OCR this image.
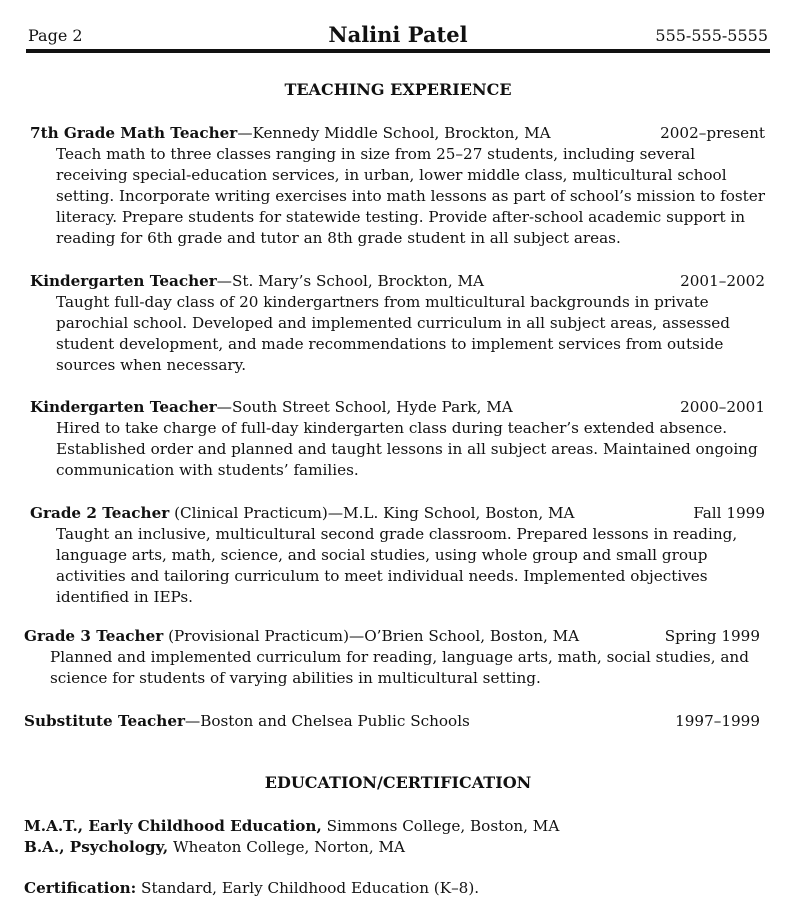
Page 2	Nalini Patel	555-555-5555
TEACHING EXPERIENCE
7th Grade Math Teacher—Kennedy Middle School, Brockton, MA	2002–present
Teach math to three classes ranging in size from 25–27 students, including several receiving special-education services, in urban, lower middle class, multicultural school setting. Incorporate writing exercises into math lessons as part of school’s mission to foster literacy. Prepare students for statewide testing. Provide after-school academic support in reading for 6th grade and tutor an 8th grade student in all subject areas.
Kindergarten Teacher—St. Mary’s School, Brockton, MA	2001–2002
Taught full-day class of 20 kindergartners from multicultural backgrounds in private parochial school. Developed and implemented curriculum in all subject areas, assessed student development, and made recommendations to implement services from outside sources when necessary.
Kindergarten Teacher—South Street School, Hyde Park, MA	2000–2001
Hired to take charge of full-day kindergarten class during teacher’s extended absence. Established order and planned and taught lessons in all subject areas. Maintained ongoing communication with students’ families.
Grade 2 Teacher (Clinical Practicum)—M.L. King School, Boston, MA	Fall 1999
Taught an inclusive, multicultural second grade classroom. Prepared lessons in reading, language arts, math, science, and social studies, using whole group and small group activities and tailoring curriculum to meet individual needs. Implemented objectives identified in IEPs.
Grade 3 Teacher (Provisional Practicum)—O’Brien School, Boston, MA	Spring 1999
Planned and implemented curriculum for reading, language arts, math, social studies, and science for students of varying abilities in multicultural setting.
Substitute Teacher—Boston and Chelsea Public Schools	1997–1999
EDUCATION/CERTIFICATION
M.A.T., Early Childhood Education, Simmons College, Boston, MA
B.A., Psychology, Wheaton College, Norton, MA
Certification: Standard, Early Childhood Education (K–8).
